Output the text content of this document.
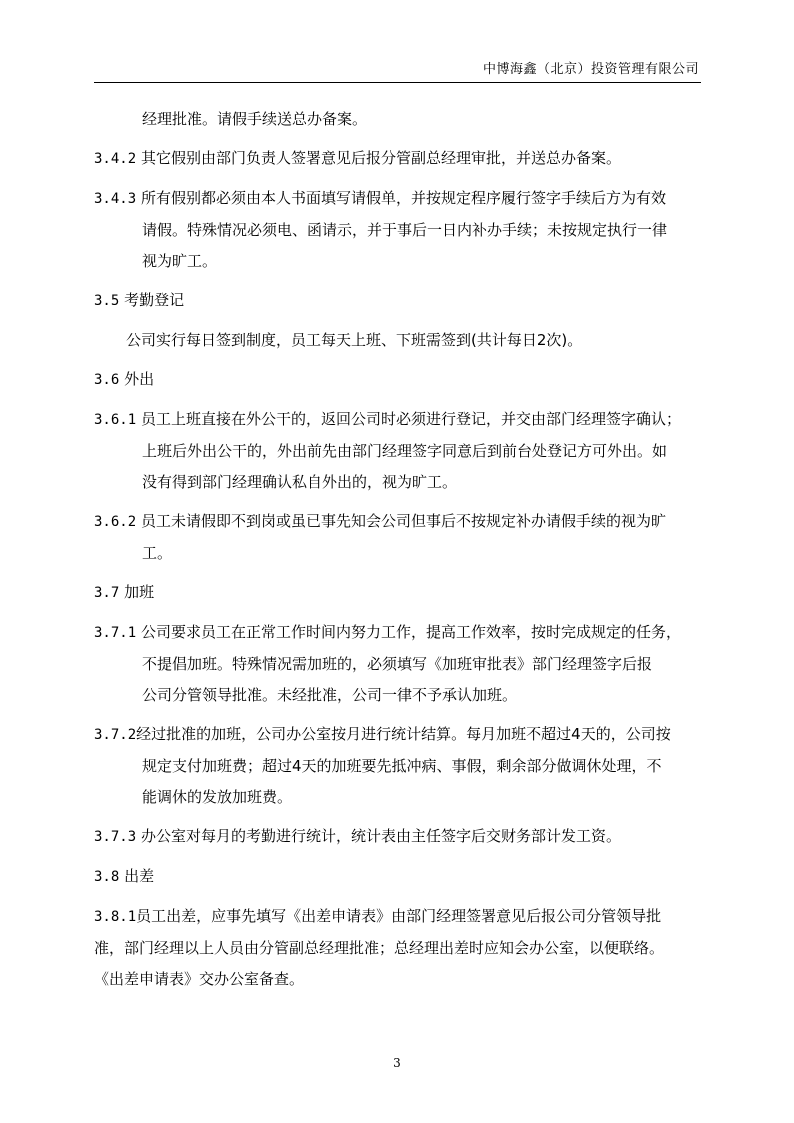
中博海鑫（北京）投资管理有限公司
经理批准。请假手续送总办备案。
3.4.2 其它假别由部门负责人签署意见后报分管副总经理审批，并送总办备案。
3.4.3 所有假别都必须由本人书面填写请假单，并按规定程序履行签字手续后方为有效
请假。特殊情况必须电、函请示，并于事后一日内补办手续；未按规定执行一律
视为旷工。
3.5 考勤登记
公司实行每日签到制度，员工每天上班、下班需签到(共计每日2次)。
3.6 外出
3.6.1 员工上班直接在外公干的，返回公司时必须进行登记，并交由部门经理签字确认；
上班后外出公干的，外出前先由部门经理签字同意后到前台处登记方可外出。如
没有得到部门经理确认私自外出的，视为旷工。
3.6.2 员工未请假即不到岗或虽已事先知会公司但事后不按规定补办请假手续的视为旷
工。
3.7 加班
3.7.1 公司要求员工在正常工作时间内努力工作，提高工作效率，按时完成规定的任务，
不提倡加班。特殊情况需加班的，必须填写《加班审批表》部门经理签字后报
公司分管领导批准。未经批准，公司一律不予承认加班。
3.7.2经过批准的加班，公司办公室按月进行统计结算。每月加班不超过4天的，公司按
规定支付加班费；超过4天的加班要先抵冲病、事假，剩余部分做调休处理，不
能调休的发放加班费。
3.7.3 办公室对每月的考勤进行统计，统计表由主任签字后交财务部计发工资。
3.8 出差
3.8.1员工出差，应事先填写《出差申请表》由部门经理签署意见后报公司分管领导批
准，部门经理以上人员由分管副总经理批准；总经理出差时应知会办公室，以便联络。
《出差申请表》交办公室备查。
3
